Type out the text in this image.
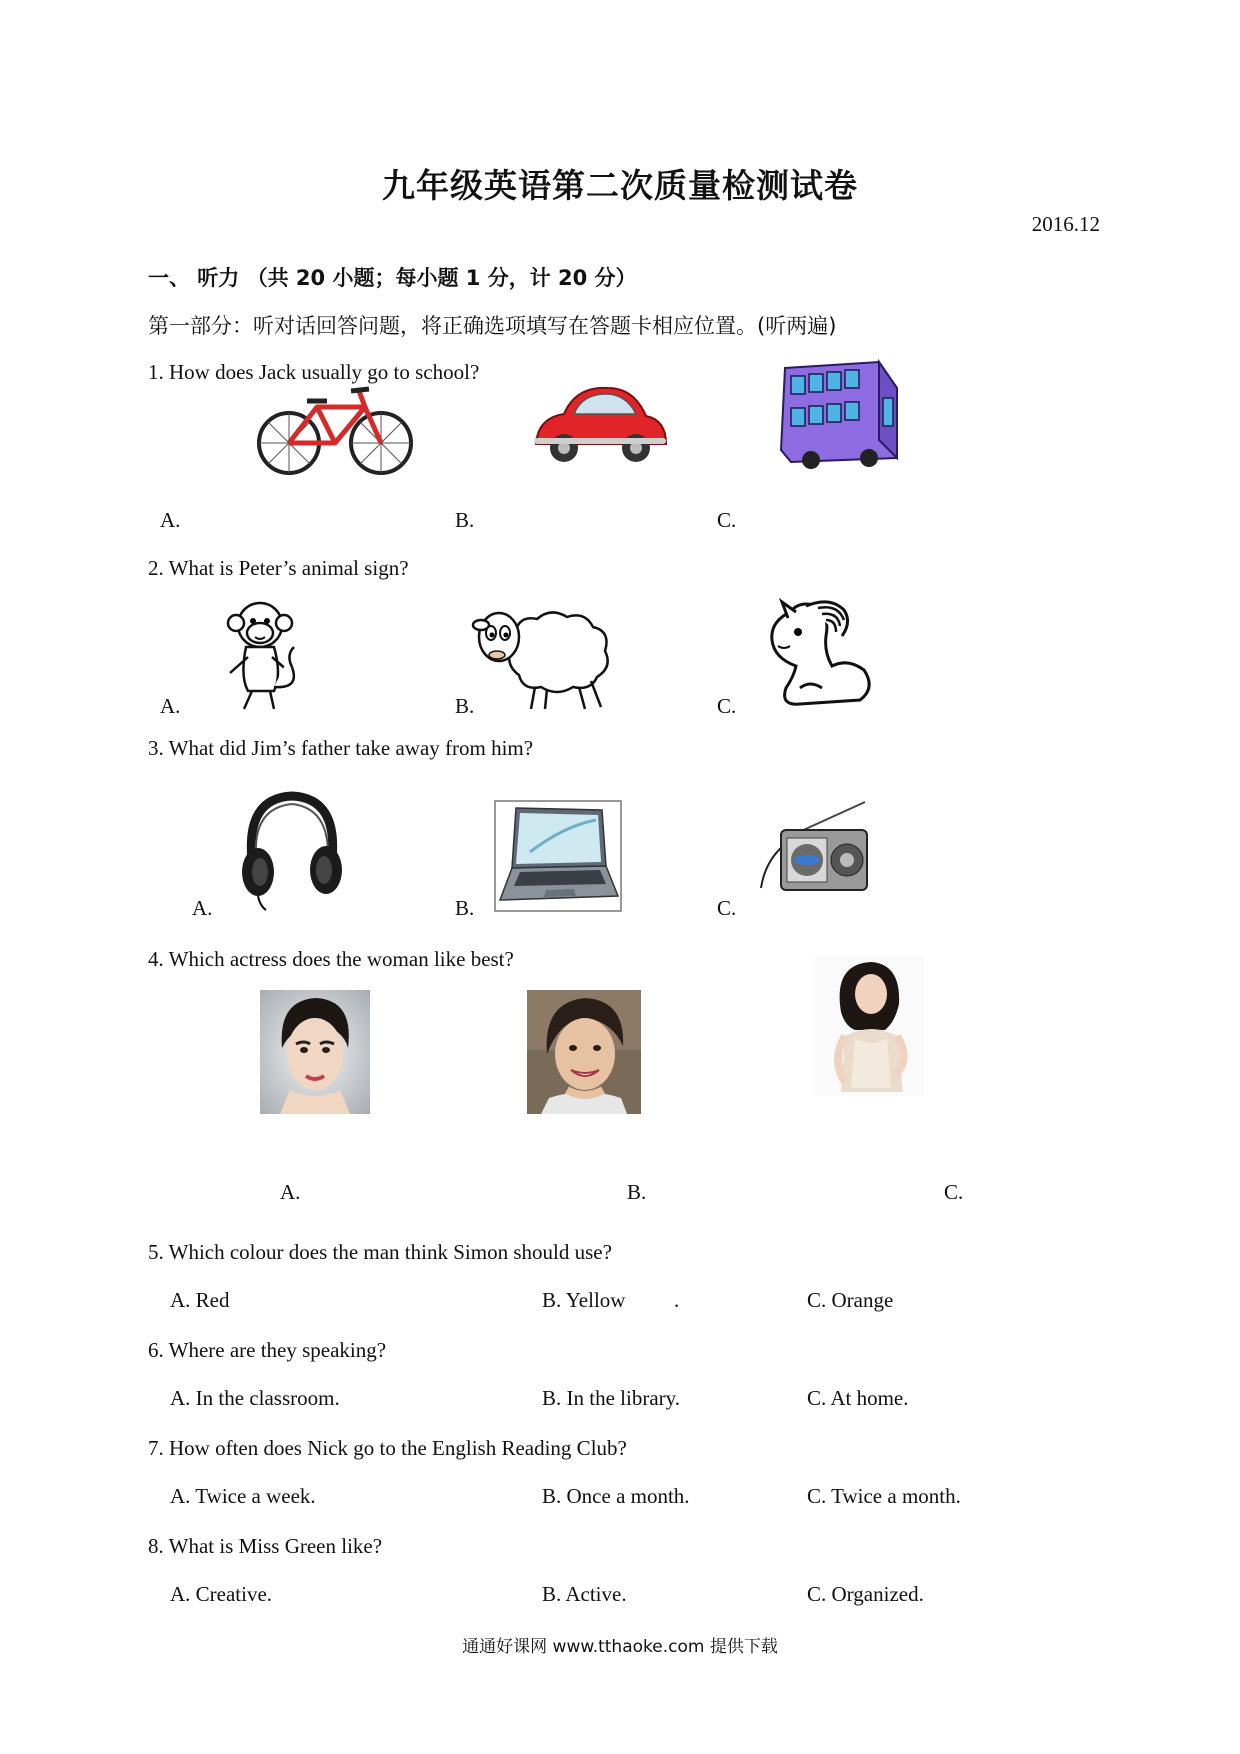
九年级英语第二次质量检测试卷
2016.12
一、 听力 （共 20 小题；每小题 1 分，计 20 分）
第一部分：听对话回答问题，将正确选项填写在答题卡相应位置。(听两遍)
1. How does Jack usually go to school?
A.	B.	C.
2. What is Peter’s animal sign?
A.	B.	C.
3. What did Jim’s father take away from him?
A.	B.	C.
4. Which actress does the woman like best?
A.	B.	C.
5. Which colour does the man think Simon should use?
A. Red	B. Yellow .	C. Orange
6. Where are they speaking?
A. In the classroom.	B. In the library.	C. At home.
7. How often does Nick go to the English Reading Club?
A. Twice a week.	B. Once a month.	C. Twice a month.
8. What is Miss Green like?
A. Creative.	B. Active.	C. Organized.
通通好课网 www.tthaoke.com 提供下载
